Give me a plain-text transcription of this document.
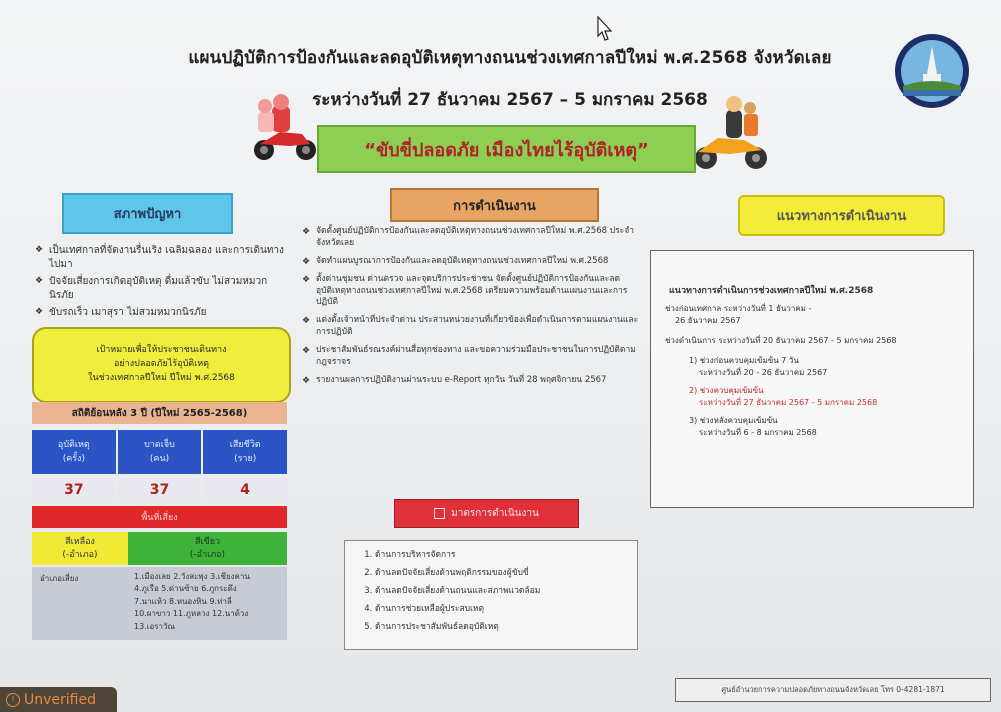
แผนปฏิบัติการป้องกันและลดอุบัติเหตุทางถนนช่วงเทศกาลปีใหม่ พ.ศ.2568 จังหวัดเลย
ระหว่างวันที่ 27 ธันวาคม 2567 – 5 มกราคม 2568
“ขับขี่ปลอดภัย เมืองไทยไร้อุบัติเหตุ”
สภาพปัญหา
การดำเนินงาน
แนวทางการดำเนินงาน
❖ เป็นเทศกาลที่จัดงานรื่นเริง เฉลิมฉลอง และการเดินทางไปมา
❖ ปัจจัยเสี่ยงการเกิดอุบัติเหตุ ดื่มแล้วขับ ไม่สวมหมวกนิรภัย
❖ ขับรถเร็ว เมาสุรา ไม่สวมหมวกนิรภัย
เป้าหมายเพื่อให้ประชาชนเดินทาง
อย่างปลอดภัยไร้อุบัติเหตุ
ในช่วงเทศกาลปีใหม่ ปีใหม่ พ.ศ.2568
สถิติย้อนหลัง 3 ปี (ปีใหม่ 2565-2568)
อุบัติเหตุ
(ครั้ง)
บาดเจ็บ
(คน)
เสียชีวิต
(ราย)
37	37	4
พื้นที่เสี่ยง
สีเหลือง
(-อำเภอ)
สีเขียว
(-อำเภอ)
อำเภอเสี่ยง	1.เมืองเลย 2.วังสะพุง 3.เชียงคาน
4.ภูเรือ 5.ด่านซ้าย 6.ภูกระดึง
7.นาแห้ว 8.หนองหิน 9.ท่าลี่
10.ผาขาว 11.ภูหลวง 12.นาด้วง
13.เอราวัณ
❖ จัดตั้งศูนย์ปฏิบัติการป้องกันและลดอุบัติเหตุทางถนนช่วงเทศกาลปีใหม่ พ.ศ.2568 ประจำจังหวัดเลย
❖ จัดทำแผนบูรณาการป้องกันและลดอุบัติเหตุทางถนนช่วงเทศกาลปีใหม่ พ.ศ.2568
❖ ตั้งด่านชุมชน ด่านตรวจ และจุดบริการประชาชน จัดตั้งศูนย์ปฏิบัติการป้องกันและลดอุบัติเหตุทางถนนช่วงเทศกาลปีใหม่ พ.ศ.2568 เตรียมความพร้อมด้านแผนงานและการปฏิบัติ
❖ แต่งตั้งเจ้าหน้าที่ประจำด่าน ประสานหน่วยงานที่เกี่ยวข้องเพื่อดำเนินการตามแผนงานและการปฏิบัติ
❖ ประชาสัมพันธ์รณรงค์ผ่านสื่อทุกช่องทาง และขอความร่วมมือประชาชนในการปฏิบัติตามกฎจราจร
❖ รายงานผลการปฏิบัติงานผ่านระบบ e-Report ทุกวัน วันที่ 28 พฤศจิกายน 2567
มาตรการดำเนินงาน
1. ด้านการบริหารจัดการ
2. ด้านลดปัจจัยเสี่ยงด้านพฤติกรรมของผู้ขับขี่
3. ด้านลดปัจจัยเสี่ยงด้านถนนและสภาพแวดล้อม
4. ด้านการช่วยเหลือผู้ประสบเหตุ
5. ด้านการประชาสัมพันธ์ลดอุบัติเหตุ
แนวทางการดำเนินการช่วงเทศกาลปีใหม่ พ.ศ.2568
ช่วงก่อนเทศกาล ระหว่างวันที่ 1 ธันวาคม -
26 ธันวาคม 2567
ช่วงดำเนินการ ระหว่างวันที่ 20 ธันวาคม 2567 - 5 มกราคม 2568
1) ช่วงก่อนควบคุมเข้มข้น 7 วัน
ระหว่างวันที่ 20 - 26 ธันวาคม 2567
2) ช่วงควบคุมเข้มข้น
ระหว่างวันที่ 27 ธันวาคม 2567 - 5 มกราคม 2568
3) ช่วงหลังควบคุมเข้มข้น
ระหว่างวันที่ 6 - 8 มกราคม 2568
ศูนย์อำนวยการความปลอดภัยทางถนนจังหวัดเลย โทร 0-4281-1871
! Unverified
